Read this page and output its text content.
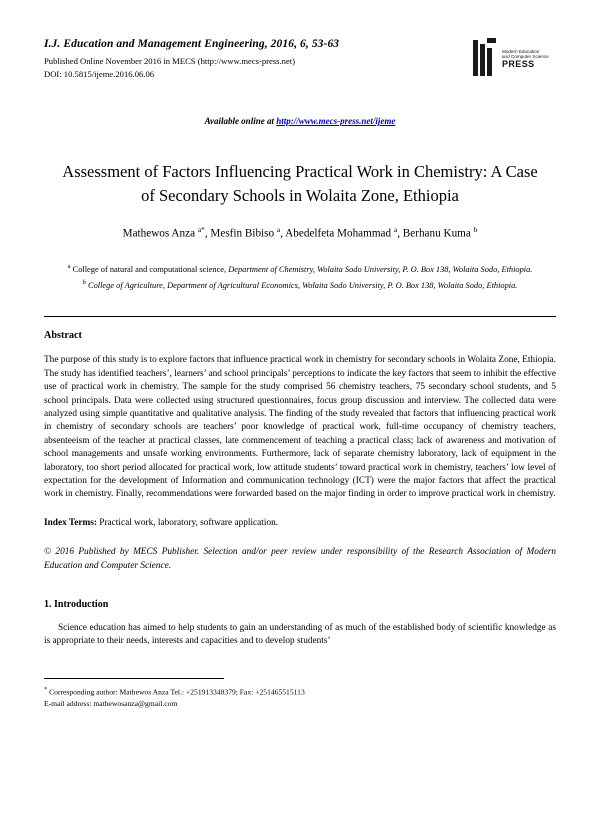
I.J. Education and Management Engineering, 2016, 6, 53-63

Published Online November 2016 in MECS (http://www.mecs-press.net)

DOI: 10.5815/ijeme.2016.06.06

Modern Education
and Computer Science
PRESS

Available online at http://www.mecs-press.net/ijeme

Assessment of Factors Influencing Practical Work in Chemistry: A Case of Secondary Schools in Wolaita Zone, Ethiopia

Mathewos Anza $^{a*}$, Mesfin Bibiso $^a$, Abedelfeta Mohammad $^a$, Berhanu Kuma $^b$

$^a$ College of natural and computational science, Department of Chemistry, Wolaita Sodo University, P. O. Box 138, Wolaita Sodo, Ethiopia.

$^b$ College of Agriculture, Department of Agricultural Economics, Wolaita Sodo University, P. O. Box 138, Wolaita Sodo, Ethiopia.

Abstract

The purpose of this study is to explore factors that influence practical work in chemistry for secondary schools in Wolaita Zone, Ethiopia. The study has identified teachers’, learners’ and school principals’ perceptions to indicate the key factors that seem to inhibit the effective use of practical work in chemistry. The sample for the study comprised 56 chemistry teachers, 75 secondary school students, and 5 school principals. Data were collected using structured questionnaires, focus group discussion and interview. The collected data were analyzed using simple quantitative and qualitative analysis. The finding of the study revealed that factors that influencing practical work in chemistry of secondary schools are teachers’ poor knowledge of practical work, full-time occupancy of chemistry teachers, absenteeism of the teacher at practical classes, late commencement of teaching a practical class; lack of awareness and motivation of school managements and unsafe working environments. Furthermore, lack of separate chemistry laboratory, lack of equipment in the laboratory, too short period allocated for practical work, low attitude students’ toward practical work in chemistry, teachers’ low level of expectation for the development of Information and communication technology (ICT) were the major factors that affect the practical work in chemistry. Finally, recommendations were forwarded based on the major finding in order to improve practical work in chemistry.

Index Terms: Practical work, laboratory, software application.

© 2016 Published by MECS Publisher. Selection and/or peer review under responsibility of the Research Association of Modern Education and Computer Science.

1. Introduction

Science education has aimed to help students to gain an understanding of as much of the established body of scientific knowledge as is appropriate to their needs, interests and capacities and to develop students’

* Corresponding author: Mathewos Anza Tel.: +251913348379; Fax: +251465515113

E-mail address: mathewosanza@gmail.com
